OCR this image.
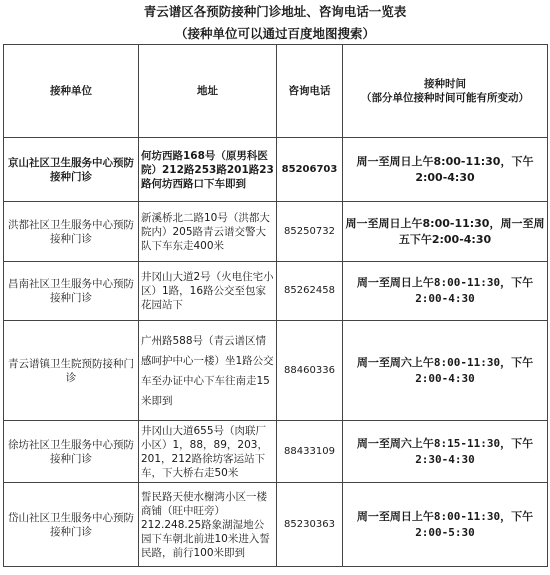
青云谱区各预防接种门诊地址、咨询电话一览表
（接种单位可以通过百度地图搜索）
接种单位	地址	咨询电话	接种时间
（部分单位接种时间可能有所变动）

京山社区卫生服务中心预防接种门诊	何坊西路168号（原男科医院）212路253路201路23路何坊西路口下车即到	85206703	周一至周日上午8:00-11:30，下午2:00-4:30
洪都社区卫生服务中心预防接种门诊	新溪桥北二路10号（洪都大院内）205路青云谱交警大队下车东走400米	85250732	周一至周日上午8:00-11:30，周一至周五下午2:00-4:30
昌南社区卫生服务中心预防接种门诊	井冈山大道2号（火电住宅小区）1路，16路公交至包家花园站下	85262458	周一至周日上午8:00-11:30，下午2:00-4:30
青云谱镇卫生院预防接种门诊	广州路588号（青云谱区情感呵护中心一楼）坐1路公交车至办证中心下车往南走15米即到	88460336	周一至周六上午8:00-11:30，下午2:00-4:30
徐坊社区卫生服务中心预防接种门诊	井冈山大道655号（肉联厂小区）1，88，89，203，201，212路徐坊客运站下车，下大桥右走50米	88433109	周一至周六上午8:15-11:30，下午2:30-4:30
岱山社区卫生服务中心预防接种门诊	誓民路天使水榭湾小区一楼商铺（旺中旺旁）212.248.25路象湖湿地公园下车朝北前进10米进入誓民路，前行100米即到	85230363	周一至周日上午8:00-11:30，下午2:00-5:30
